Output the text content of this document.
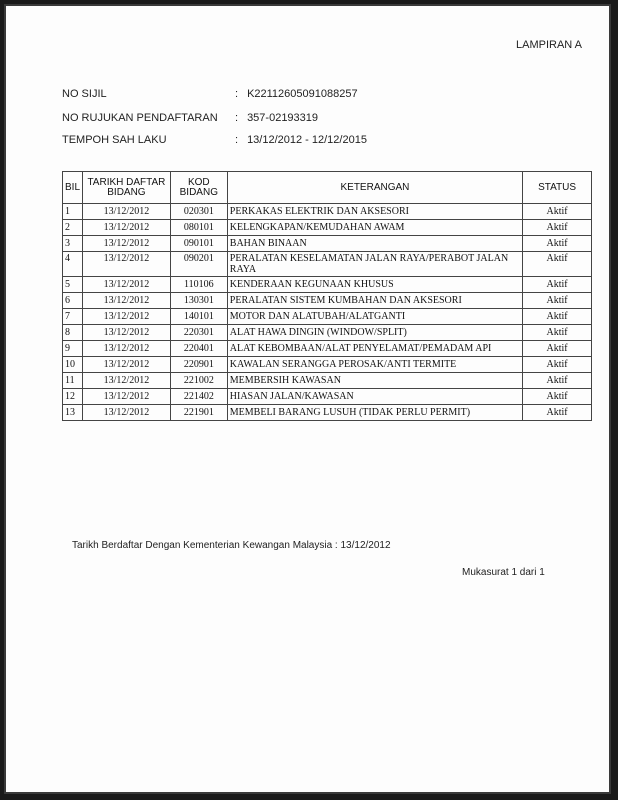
LAMPIRAN A
NO SIJIL	: K22112605091088257
NO RUJUKAN PENDAFTARAN : 357-02193319
TEMPOH SAH LAKU	: 13/12/2012 - 12/12/2015
BIL	TARIKH DAFTAR BIDANG	KOD BIDANG	KETERANGAN	STATUS
1	13/12/2012	020301	PERKAKAS ELEKTRIK DAN AKSESORI	Aktif
2	13/12/2012	080101	KELENGKAPAN/KEMUDAHAN AWAM	Aktif
3	13/12/2012	090101	BAHAN BINAAN	Aktif
4	13/12/2012	090201	PERALATAN KESELAMATAN JALAN RAYA/PERABOT JALAN RAYA	Aktif
5	13/12/2012	110106	KENDERAAN KEGUNAAN KHUSUS	Aktif
6	13/12/2012	130301	PERALATAN SISTEM KUMBAHAN DAN AKSESORI	Aktif
7	13/12/2012	140101	MOTOR DAN ALATUBAH/ALATGANTI	Aktif
8	13/12/2012	220301	ALAT HAWA DINGIN (WINDOW/SPLIT)	Aktif
9	13/12/2012	220401	ALAT KEBOMBAAN/ALAT PENYELAMAT/PEMADAM API	Aktif
10	13/12/2012	220901	KAWALAN SERANGGA PEROSAK/ANTI TERMITE	Aktif
11	13/12/2012	221002	MEMBERSIH KAWASAN	Aktif
12	13/12/2012	221402	HIASAN JALAN/KAWASAN	Aktif
13	13/12/2012	221901	MEMBELI BARANG LUSUH (TIDAK PERLU PERMIT)	Aktif
Tarikh Berdaftar Dengan Kementerian Kewangan Malaysia : 13/12/2012
Mukasurat 1 dari 1
